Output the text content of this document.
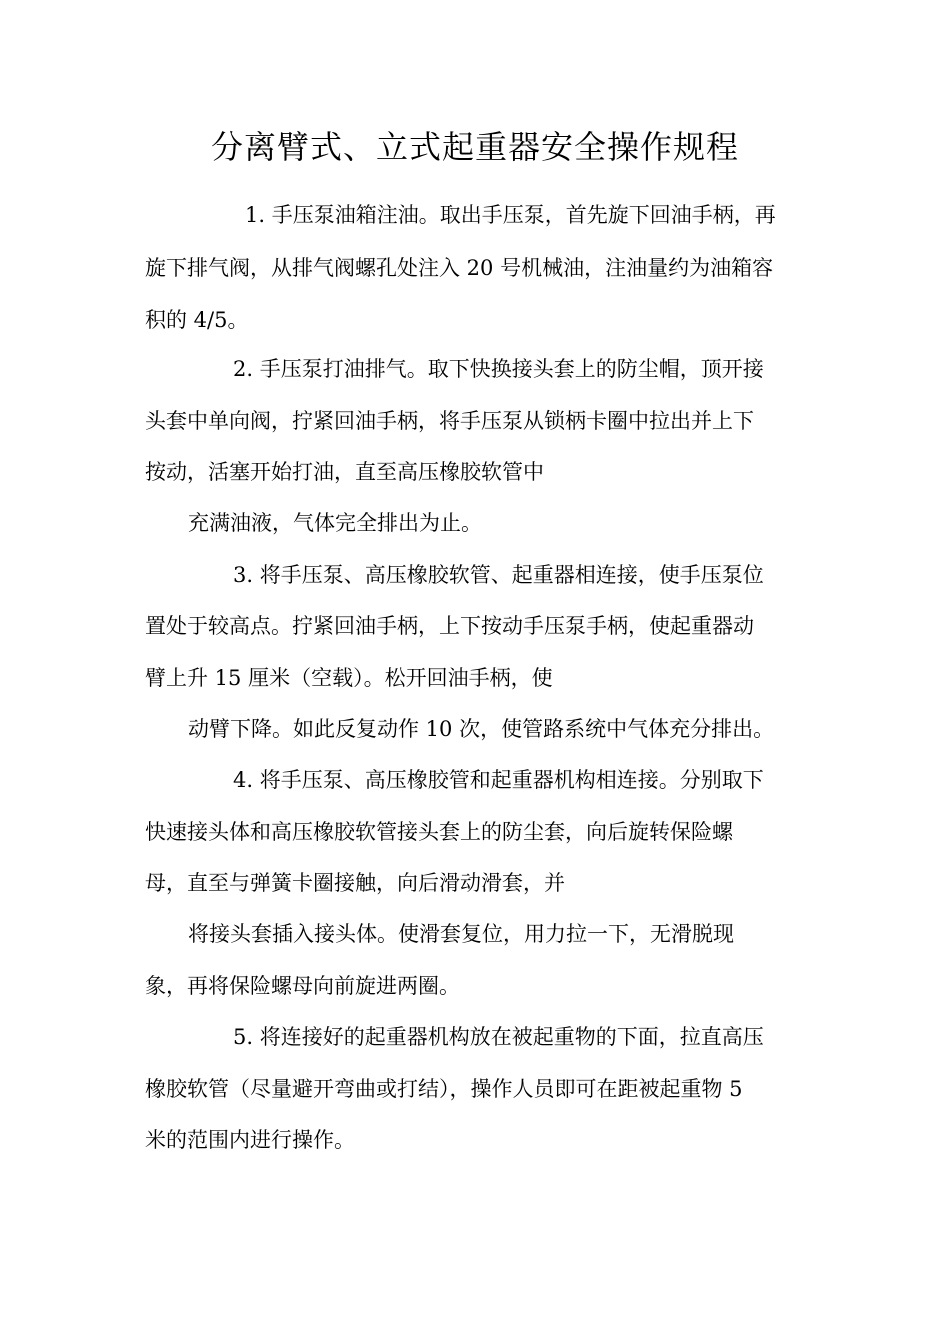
分离臂式、立式起重器安全操作规程
1. 手压泵油箱注油。取出手压泵，首先旋下回油手柄，再
旋下排气阀，从排气阀螺孔处注入 20 号机械油，注油量约为油箱容
积的 4/5。
2. 手压泵打油排气。取下快换接头套上的防尘帽，顶开接
头套中单向阀，拧紧回油手柄，将手压泵从锁柄卡圈中拉出并上下
按动，活塞开始打油，直至高压橡胶软管中
充满油液，气体完全排出为止。
3. 将手压泵、高压橡胶软管、起重器相连接，使手压泵位
置处于较高点。拧紧回油手柄，上下按动手压泵手柄，使起重器动
臂上升 15 厘米（空载）。松开回油手柄，使
动臂下降。如此反复动作 10 次，使管路系统中气体充分排出。
4. 将手压泵、高压橡胶管和起重器机构相连接。分别取下
快速接头体和高压橡胶软管接头套上的防尘套，向后旋转保险螺
母，直至与弹簧卡圈接触，向后滑动滑套，并
将接头套插入接头体。使滑套复位，用力拉一下，无滑脱现
象，再将保险螺母向前旋进两圈。
5. 将连接好的起重器机构放在被起重物的下面，拉直高压
橡胶软管（尽量避开弯曲或打结），操作人员即可在距被起重物 5
米的范围内进行操作。
